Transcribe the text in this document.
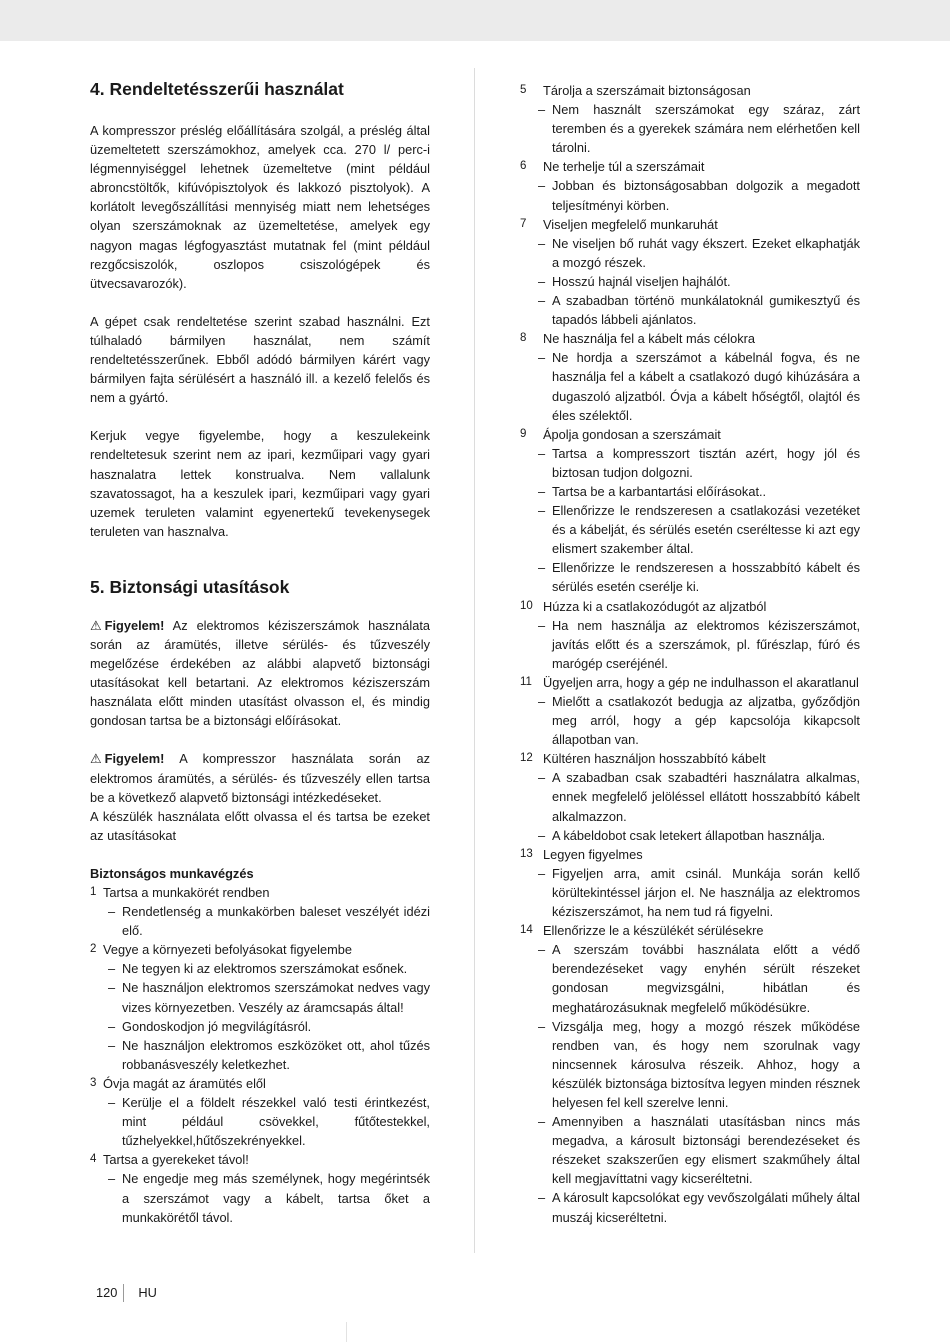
4. Rendeltetésszerűi használat

A kompresszor préslég előállítására szolgál, a préslég által üzemeltetett szerszámokhoz, amelyek cca. 270 l/ perc-i légmennyiséggel lehetnek üzemeltetve (mint például abroncstöltők, kifúvópisztolyok és lakkozó pisztolyok). A korlátolt levegőszállítási mennyiség miatt nem lehetséges olyan szerszámoknak az üzemeltetése, amelyek egy nagyon magas légfogyasztást mutatnak fel (mint például rezgőcsiszolók, oszlopos csiszológépek és ütvecsavarozók).

A gépet csak rendeltetése szerint szabad használni. Ezt túlhaladó bármilyen használat, nem számít rendeltetésszerűnek. Ebből adódó bármilyen kárért vagy bármilyen fajta sérülésért a használó ill. a kezelő felelős és nem a gyártó.

Kerjuk vegye figyelembe, hogy a keszulekeink rendeltetesuk szerint nem az ipari, kezműipari vagy gyari hasznalatra lettek konstrualva. Nem vallalunk szavatossagot, ha a keszulek ipari, kezműipari vagy gyari uzemek teruleten valamint egyenertekű tevekenysegek teruleten van hasznalva.

5. Biztonsági utasítások

⚠ Figyelem! Az elektromos kéziszerszámok használata során az áramütés, illetve sérülés- és tűzveszély megelőzése érdekében az alábbi alapvető biztonsági utasításokat kell betartani. Az elektromos kéziszerszám használata előtt minden utasítást olvasson el, és mindig gondosan tartsa be a biztonsági előírásokat.

⚠ Figyelem! A kompresszor használata során az elektromos áramütés, a sérülés- és tűzveszély ellen tartsa be a következő alapvető biztonsági intézkedéseket.

A készülék használata előtt olvassa el és tartsa be ezeket az utasításokat

Biztonságos munkavégzés
1 Tartsa a munkakörét rendben
– Rendetlenség a munkakörben baleset veszélyét idézi elő.
2 Vegye a környezeti befolyásokat figyelembe
– Ne tegyen ki az elektromos szerszámokat esőnek.
– Ne használjon elektromos szerszámokat nedves vagy vizes környezetben. Veszély az áramcsapás által!
– Gondoskodjon jó megvilágításról.
– Ne használjon elektromos eszközöket ott, ahol tűzés robbanásveszély keletkezhet.
3 Óvja magát az áramütés elől
– Kerülje el a földelt részekkel való testi érintkezést, mint például csövekkel, fűtőtestekkel, tűzhelyekkel,hűtőszekrényekkel.
4 Tartsa a gyerekeket távol!
– Ne engedje meg más személynek, hogy megérintsék a szerszámot vagy a kábelt, tartsa őket a munkakörétől távol.
5	Tárolja a szerszámait biztonságosan
– Nem használt szerszámokat egy száraz, zárt teremben és a gyerekek számára nem elérhetően kell tárolni.
6	Ne terhelje túl a szerszámait
– Jobban és biztonságosabban dolgozik a megadott teljesítményi körben.
7	Viseljen megfelelő munkaruhát
– Ne viseljen bő ruhát vagy ékszert. Ezeket elkaphatják a mozgó részek.
– Hosszú hajnál viseljen hajhálót.
– A szabadban történö munkálatoknál gumikesztyű és tapadós lábbeli ajánlatos.
8	Ne használja fel a kábelt más célokra
– Ne hordja a szerszámot a kábelnál fogva, és ne használja fel a kábelt a csatlakozó dugó kihúzására a dugaszoló aljzatból. Óvja a kábelt hőségtől, olajtól és éles szélektől.
9	Ápolja gondosan a szerszámait
– Tartsa a kompresszort tisztán azért, hogy jól és biztosan tudjon dolgozni.
– Tartsa be a karbantartási előírásokat..
– Ellenőrizze le rendszeresen a csatlakozási vezetéket és a kábelját, és sérülés esetén cseréltesse ki azt egy elismert szakember által.
– Ellenőrizze le rendszeresen a hosszabbító kábelt és sérülés esetén cserélje ki.
10 Húzza ki a csatlakozódugót az aljzatból
– Ha nem használja az elektromos kéziszerszámot, javítás előtt és a szerszámok, pl. fűrészlap, fúró és marógép cseréjénél.
11 Ügyeljen arra, hogy a gép ne indulhasson el akaratlanul
– Mielőtt a csatlakozót bedugja az aljzatba, győződjön meg arról, hogy a gép kapcsolója kikapcsolt állapotban van.
12 Kültéren használjon hosszabbító kábelt
– A szabadban csak szabadtéri használatra alkalmas, ennek megfelelő jelöléssel ellátott hosszabbító kábelt alkalmazzon.
– A kábeldobot csak letekert állapotban használja.
13 Legyen figyelmes
– Figyeljen arra, amit csinál. Munkája során kellő körültekintéssel járjon el. Ne használja az elektromos kéziszerszámot, ha nem tud rá figyelni.
14 Ellenőrizze le a készülékét sérülésekre
– A szerszám további használata előtt a védő berendezéseket vagy enyhén sérült részeket gondosan megvizsgálni, hibátlan és meghatározásuknak megfelelő működésükre.
– Vizsgálja meg, hogy a mozgó részek működése rendben van, és hogy nem szorulnak vagy nincsennek károsulva részeik. Ahhoz, hogy a készülék biztonsága biztosítva legyen minden résznek helyesen fel kell szerelve lenni.
– Amennyiben a használati utasításban nincs más megadva, a károsult biztonsági berendezéseket és részeket szakszerűen egy elismert szakműhely által kell megjavíttatni vagy kicseréltetni.
– A károsult kapcsolókat egy vevőszolgálati műhely által muszáj kicseréltetni.
120	HU
